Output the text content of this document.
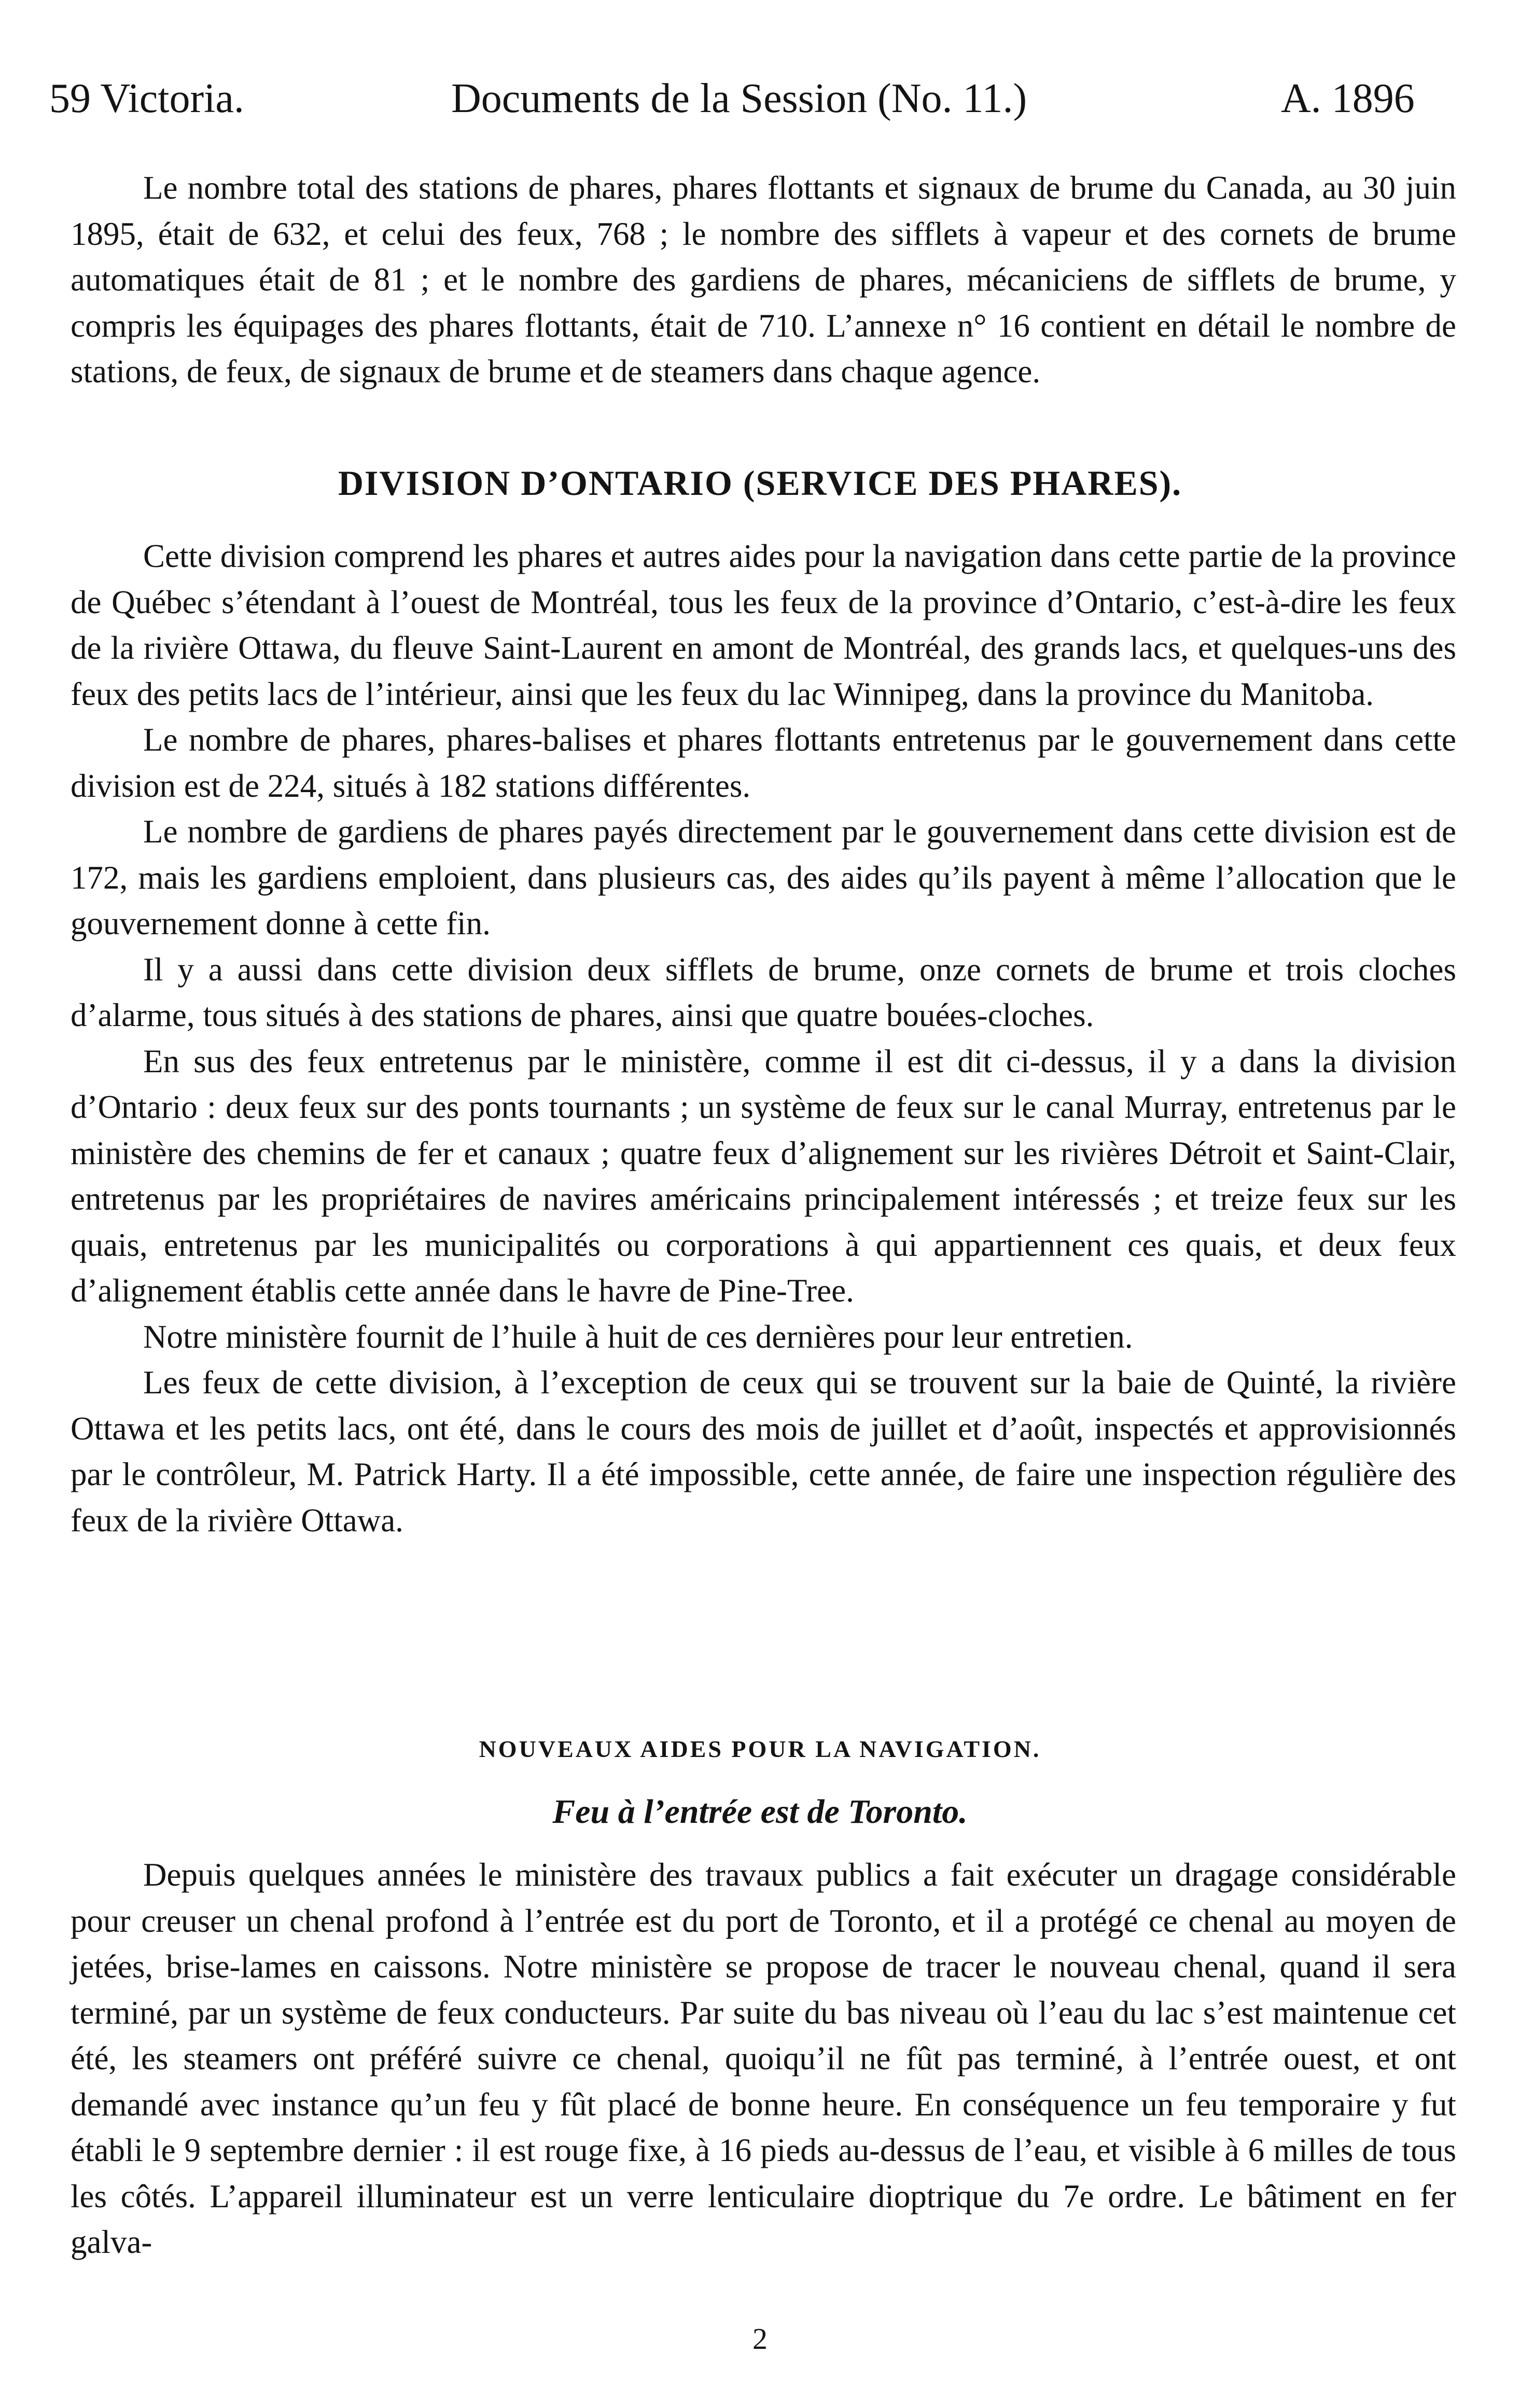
59 Victoria.	Documents de la Session (No. 11.)	A. 1896

Le nombre total des stations de phares, phares flottants et signaux de brume du Canada, au 30 juin 1895, était de 632, et celui des feux, 768 ; le nombre des sifflets à vapeur et des cornets de brume automatiques était de 81 ; et le nombre des gardiens de phares, mécaniciens de sifflets de brume, y compris les équipages des phares flottants, était de 710. L’annexe n° 16 contient en détail le nombre de stations, de feux, de signaux de brume et de steamers dans chaque agence.

DIVISION D’ONTARIO (SERVICE DES PHARES).

Cette division comprend les phares et autres aides pour la navigation dans cette partie de la province de Québec s’étendant à l’ouest de Montréal, tous les feux de la province d’Ontario, c’est-à-dire les feux de la rivière Ottawa, du fleuve Saint-Laurent en amont de Montréal, des grands lacs, et quelques-uns des feux des petits lacs de l’intérieur, ainsi que les feux du lac Winnipeg, dans la province du Manitoba.

Le nombre de phares, phares-balises et phares flottants entretenus par le gouvernement dans cette division est de 224, situés à 182 stations différentes.

Le nombre de gardiens de phares payés directement par le gouvernement dans cette division est de 172, mais les gardiens emploient, dans plusieurs cas, des aides qu’ils payent à même l’allocation que le gouvernement donne à cette fin.

Il y a aussi dans cette division deux sifflets de brume, onze cornets de brume et trois cloches d’alarme, tous situés à des stations de phares, ainsi que quatre bouées-cloches.

En sus des feux entretenus par le ministère, comme il est dit ci-dessus, il y a dans la division d’Ontario : deux feux sur des ponts tournants ; un système de feux sur le canal Murray, entretenus par le ministère des chemins de fer et canaux ; quatre feux d’alignement sur les rivières Détroit et Saint-Clair, entretenus par les propriétaires de navires américains principalement intéressés ; et treize feux sur les quais, entretenus par les municipalités ou corporations à qui appartiennent ces quais, et deux feux d’alignement établis cette année dans le havre de Pine-Tree.

Notre ministère fournit de l’huile à huit de ces dernières pour leur entretien.

Les feux de cette division, à l’exception de ceux qui se trouvent sur la baie de Quinté, la rivière Ottawa et les petits lacs, ont été, dans le cours des mois de juillet et d’août, inspectés et approvisionnés par le contrôleur, M. Patrick Harty. Il a été impossible, cette année, de faire une inspection régulière des feux de la rivière Ottawa.

NOUVEAUX AIDES POUR LA NAVIGATION.
Feu à l’entrée est de Toronto.

Depuis quelques années le ministère des travaux publics a fait exécuter un dragage considérable pour creuser un chenal profond à l’entrée est du port de Toronto, et il a protégé ce chenal au moyen de jetées, brise-lames en caissons. Notre ministère se propose de tracer le nouveau chenal, quand il sera terminé, par un système de feux conducteurs. Par suite du bas niveau où l’eau du lac s’est maintenue cet été, les steamers ont préféré suivre ce chenal, quoiqu’il ne fût pas terminé, à l’entrée ouest, et ont demandé avec instance qu’un feu y fût placé de bonne heure. En conséquence un feu temporaire y fut établi le 9 septembre dernier : il est rouge fixe, à 16 pieds au-dessus de l’eau, et visible à 6 milles de tous les côtés. L’appareil illuminateur est un verre lenticulaire dioptrique du 7e ordre. Le bâtiment en fer galva-

2
